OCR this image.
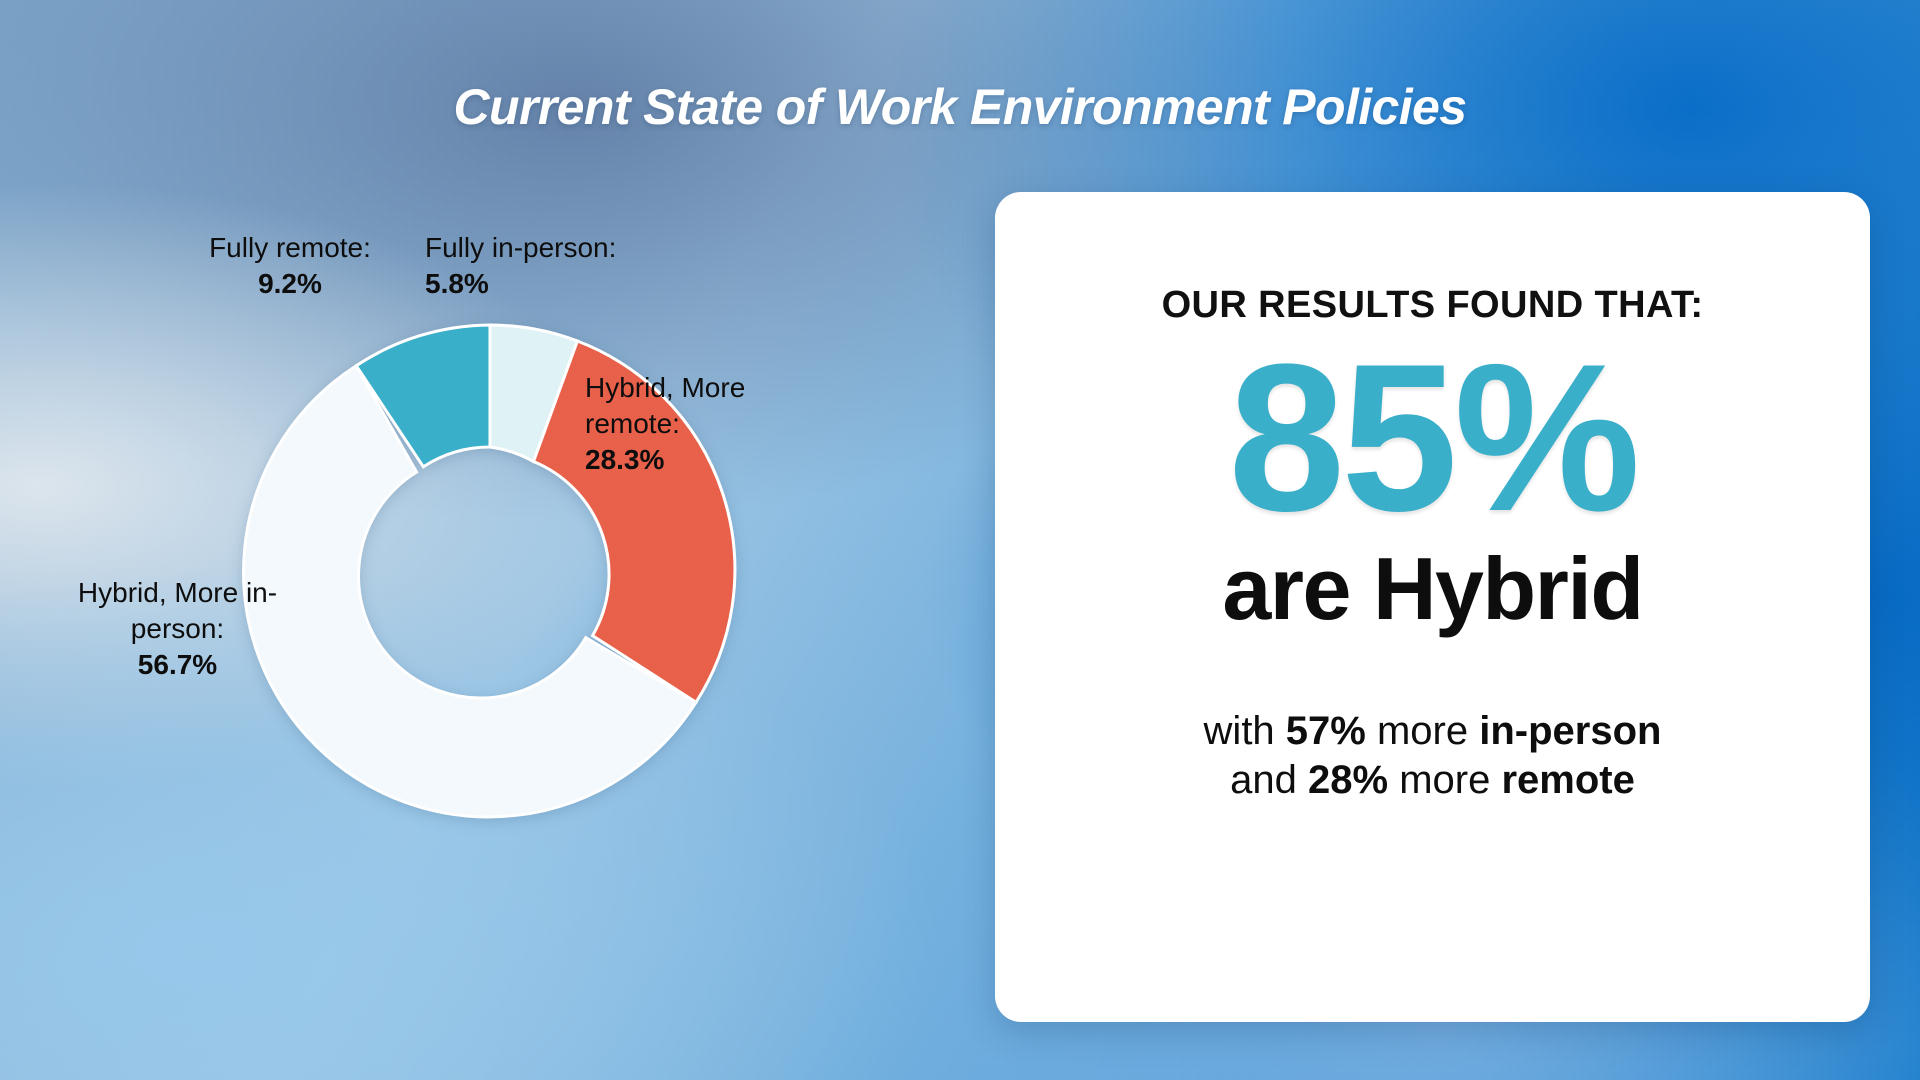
Current State of Work Environment Policies
Fully remote:
9.2%
Fully in-person:
5.8%
Hybrid, More remote:
28.3%
Hybrid, More in-person:
56.7%
OUR RESULTS FOUND THAT:
85%
are Hybrid
with 57% more in-person
and 28% more remote
